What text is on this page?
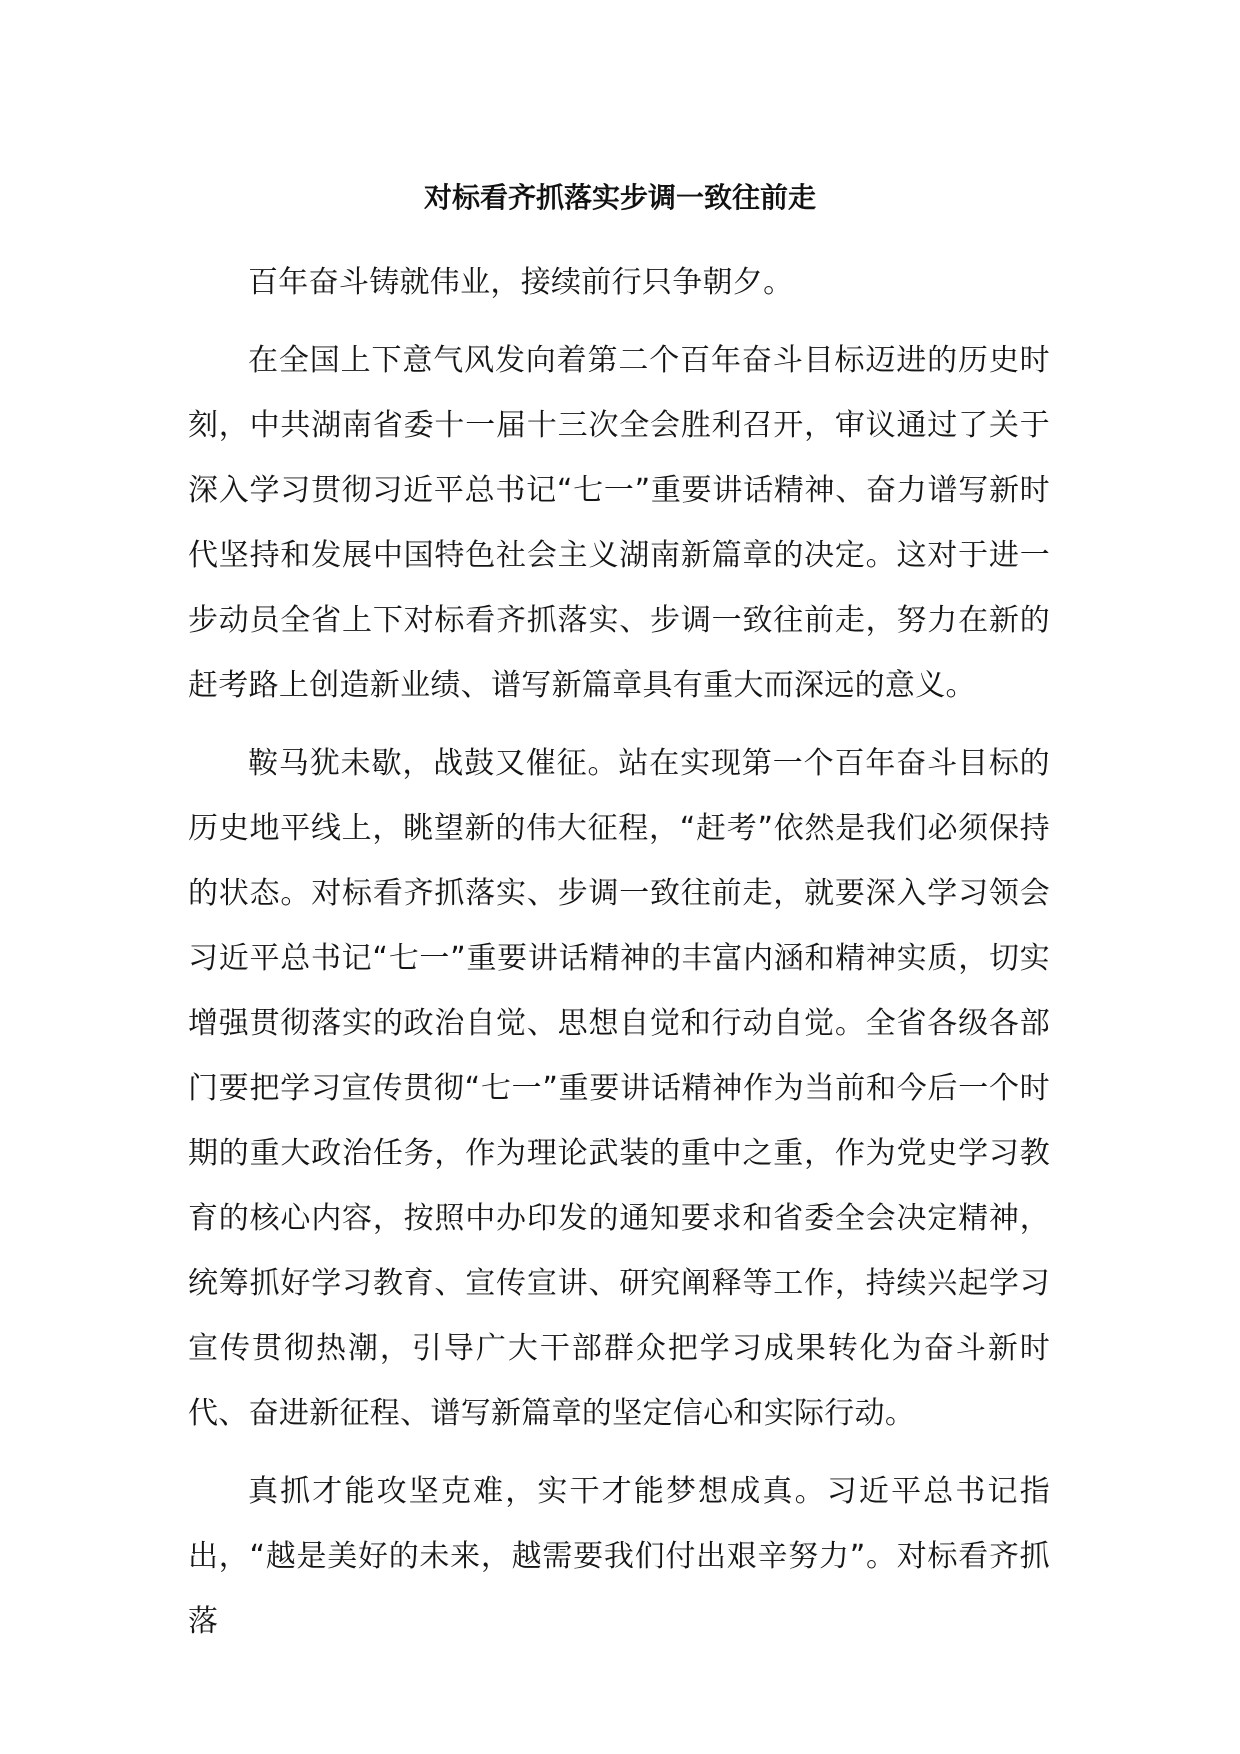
对标看齐抓落实步调一致往前走

百年奋斗铸就伟业，接续前行只争朝夕。

在全国上下意气风发向着第二个百年奋斗目标迈进的历史时刻，中共湖南省委十一届十三次全会胜利召开，审议通过了关于深入学习贯彻习近平总书记“七一”重要讲话精神、奋力谱写新时代坚持和发展中国特色社会主义湖南新篇章的决定。这对于进一步动员全省上下对标看齐抓落实、步调一致往前走，努力在新的赶考路上创造新业绩、谱写新篇章具有重大而深远的意义。

鞍马犹未歇，战鼓又催征。站在实现第一个百年奋斗目标的历史地平线上，眺望新的伟大征程，“赶考”依然是我们必须保持的状态。对标看齐抓落实、步调一致往前走，就要深入学习领会习近平总书记“七一”重要讲话精神的丰富内涵和精神实质，切实增强贯彻落实的政治自觉、思想自觉和行动自觉。全省各级各部门要把学习宣传贯彻“七一”重要讲话精神作为当前和今后一个时期的重大政治任务，作为理论武装的重中之重，作为党史学习教育的核心内容，按照中办印发的通知要求和省委全会决定精神，统筹抓好学习教育、宣传宣讲、研究阐释等工作，持续兴起学习宣传贯彻热潮，引导广大干部群众把学习成果转化为奋斗新时代、奋进新征程、谱写新篇章的坚定信心和实际行动。

真抓才能攻坚克难，实干才能梦想成真。习近平总书记指出，“越是美好的未来，越需要我们付出艰辛努力”。对标看齐抓落
